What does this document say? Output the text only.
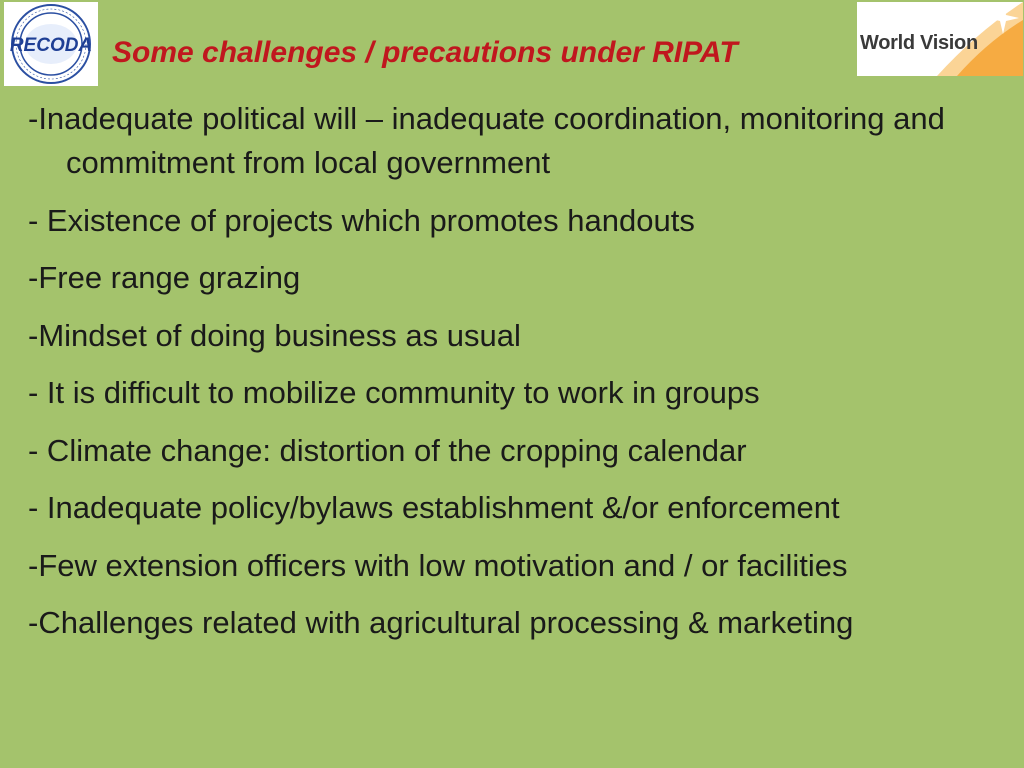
RECODA Some challenges / precautions under RIPAT	World Vision
-Inadequate political will – inadequate coordination, monitoring and commitment from local government
- Existence of projects which promotes handouts
-Free range grazing
-Mindset of doing business as usual
- It is difficult to mobilize community to work in groups
- Climate change: distortion of the cropping calendar
- Inadequate policy/bylaws establishment &/or enforcement
-Few extension officers with low motivation and / or facilities
-Challenges related with agricultural processing & marketing
